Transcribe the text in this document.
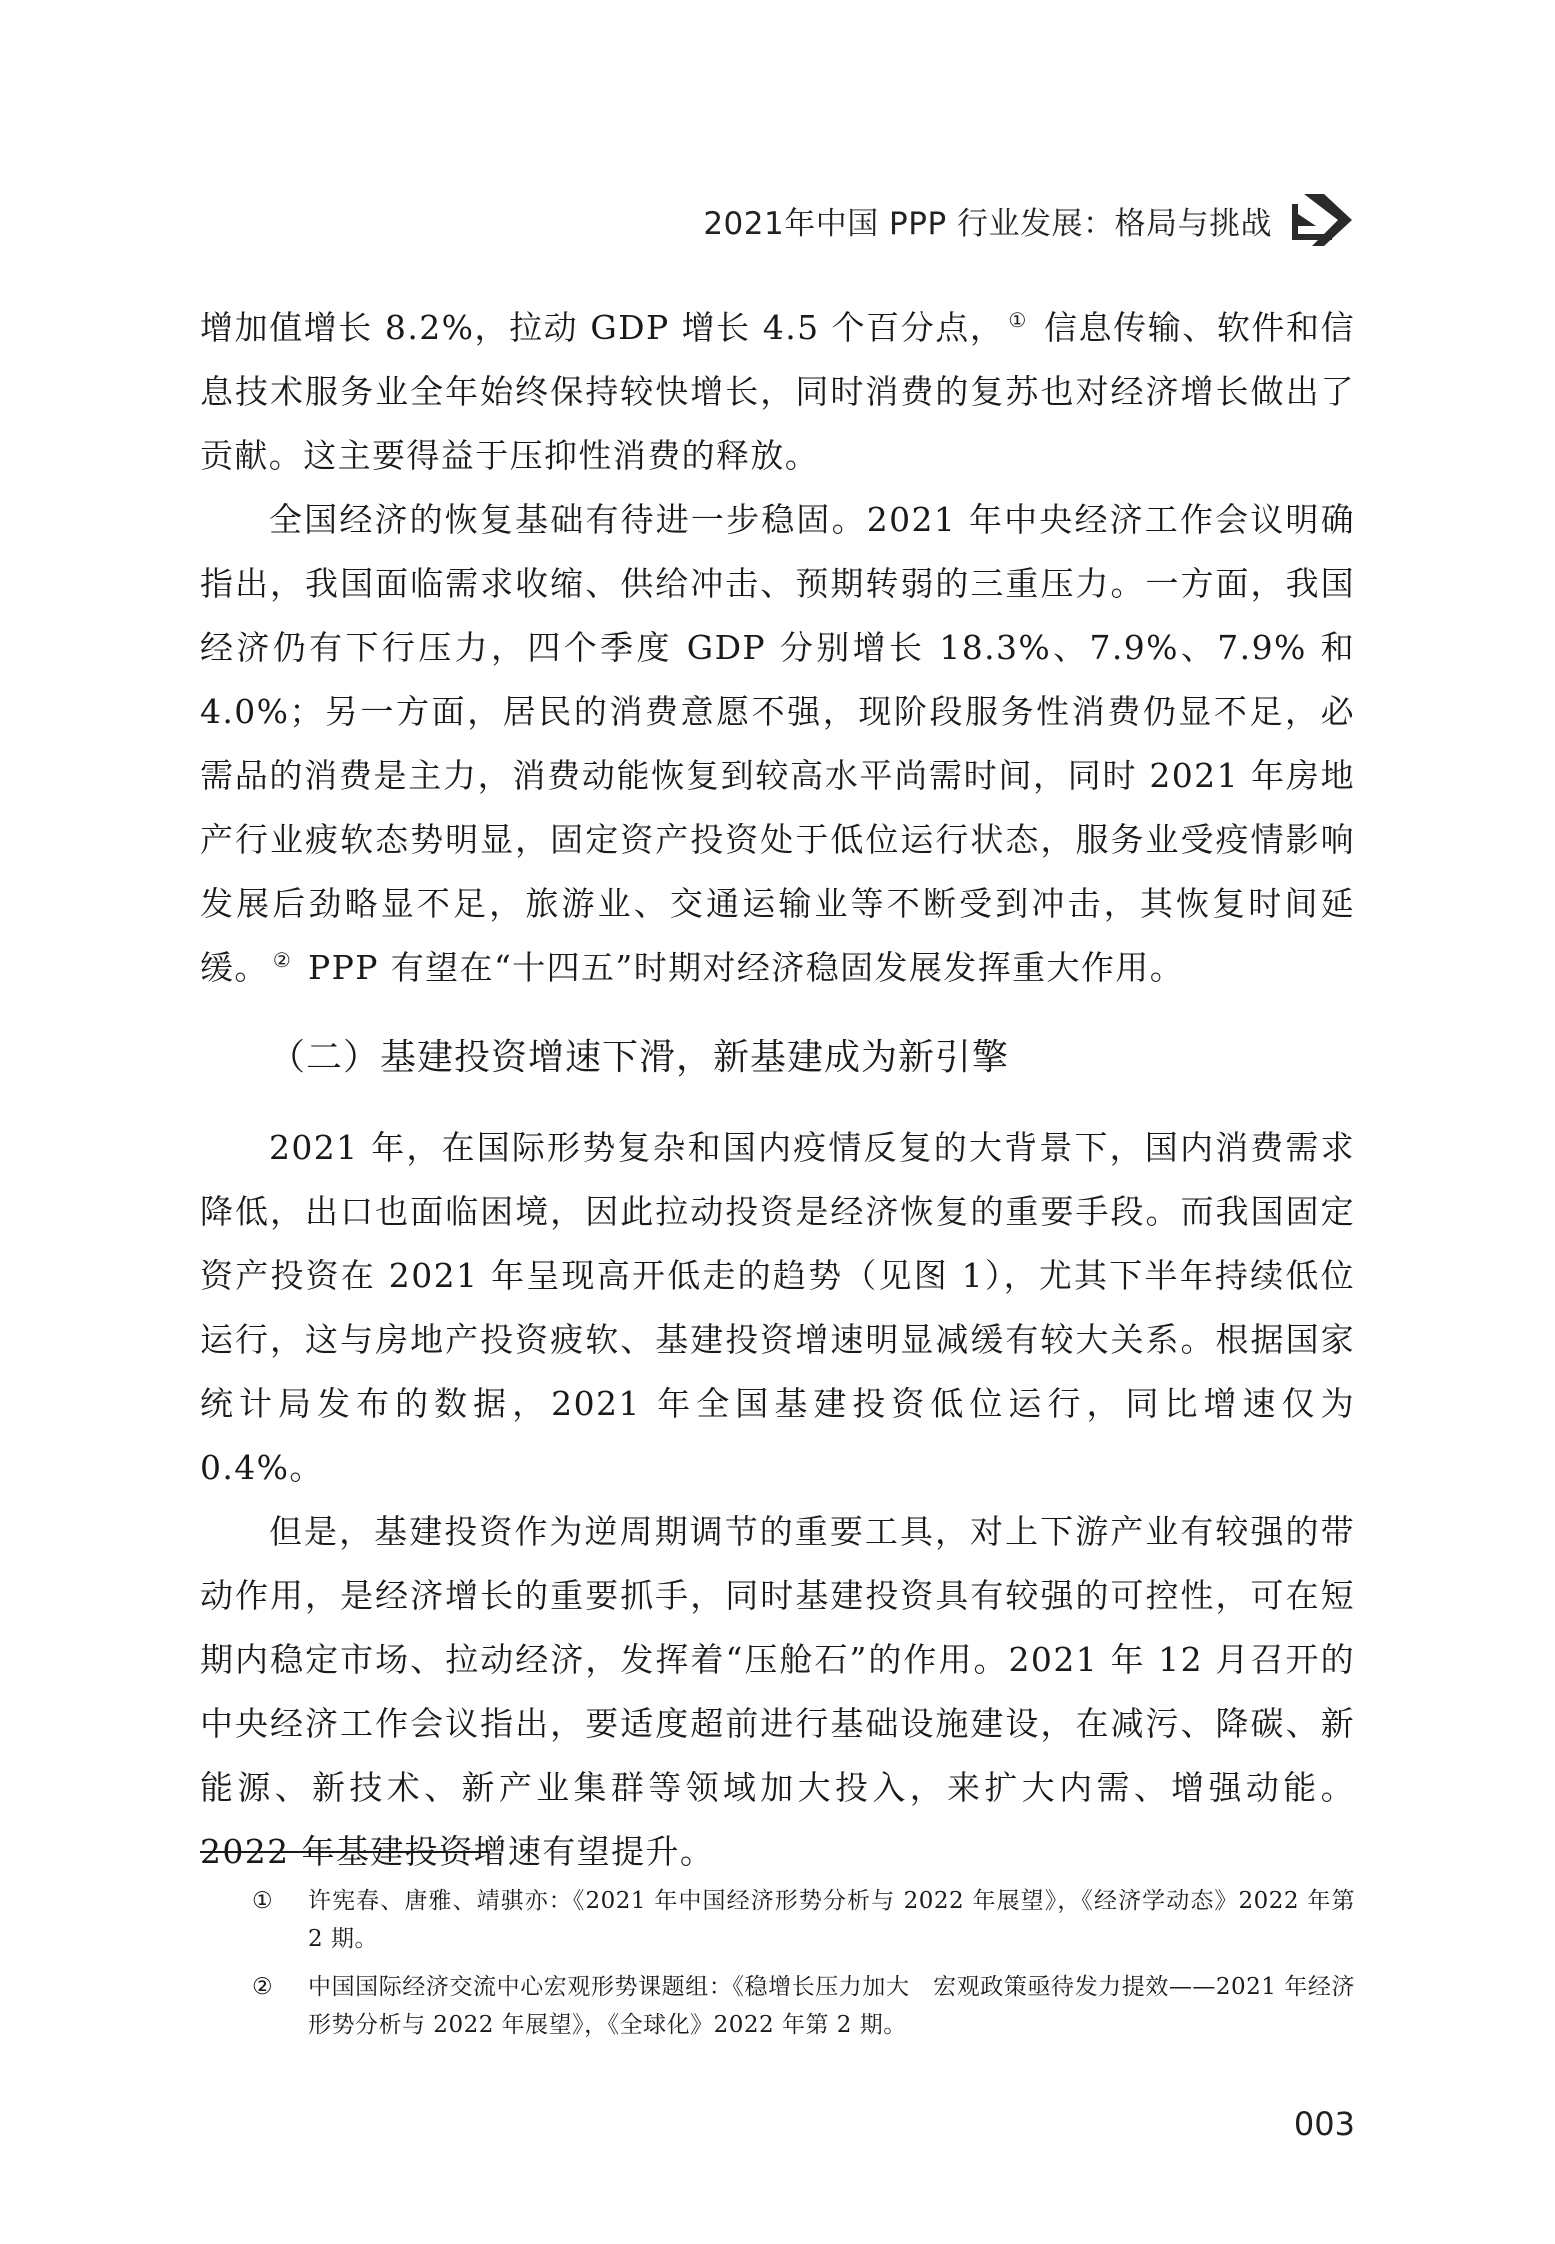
2021年中国 PPP 行业发展：格局与挑战

增加值增长 8.2%，拉动 GDP 增长 4.5 个百分点， ① 信息传输、软件和信息技术服务业全年始终保持较快增长，同时消费的复苏也对经济增长做出了贡献。这主要得益于压抑性消费的释放。

全国经济的恢复基础有待进一步稳固。2021 年中央经济工作会议明确指出，我国面临需求收缩、供给冲击、预期转弱的三重压力。一方面，我国经济仍有下行压力，四个季度 GDP 分别增长 18.3%、7.9%、7.9% 和 4.0%；另一方面，居民的消费意愿不强，现阶段服务性消费仍显不足，必需品的消费是主力，消费动能恢复到较高水平尚需时间，同时 2021 年房地产行业疲软态势明显，固定资产投资处于低位运行状态，服务业受疫情影响发展后劲略显不足，旅游业、交通运输业等不断受到冲击，其恢复时间延缓。 ② PPP 有望在“十四五”时期对经济稳固发展发挥重大作用。

（二）基建投资增速下滑，新基建成为新引擎

2021 年，在国际形势复杂和国内疫情反复的大背景下，国内消费需求降低，出口也面临困境，因此拉动投资是经济恢复的重要手段。而我国固定资产投资在 2021 年呈现高开低走的趋势（见图 1），尤其下半年持续低位运行，这与房地产投资疲软、基建投资增速明显减缓有较大关系。根据国家统计局发布的数据，2021 年全国基建投资低位运行，同比增速仅为 0.4%。

但是，基建投资作为逆周期调节的重要工具，对上下游产业有较强的带动作用，是经济增长的重要抓手，同时基建投资具有较强的可控性，可在短期内稳定市场、拉动经济，发挥着“压舱石”的作用。2021 年 12 月召开的中央经济工作会议指出，要适度超前进行基础设施建设，在减污、降碳、新能源、新技术、新产业集群等领域加大投入，来扩大内需、增强动能。2022 年基建投资增速有望提升。

①	许宪春、唐雅、靖骐亦：《2021 年中国经济形势分析与 2022 年展望》，《经济学动态》2022 年第 2 期。
②	中国国际经济交流中心宏观形势课题组：《稳增长压力加大　宏观政策亟待发力提效——2021 年经济形势分析与 2022 年展望》，《全球化》2022 年第 2 期。
003
